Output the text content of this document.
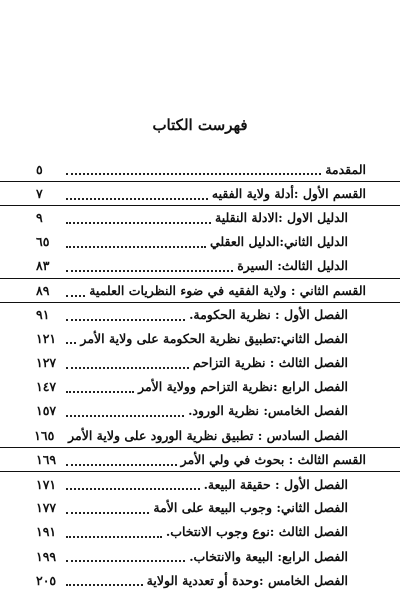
فهرست الكتاب
المقدمة
٥
القسم الأول :أدلة ولاية الفقيه
٧
الدليل الاول :الادلة النقلية
٩
الدليل الثاني:الدليل العقلي
٦٥
الدليل الثالث: السيرة
٨٣
القسم الثاني : ولاية الفقيه في ضوء النظريات العلمية
٨٩
الفصل الأول : نظرية الحكومة.
٩١
الفصل الثاني:تطبيق نظرية الحكومة على ولاية الأمر
١٢١
الفصل الثالث : نظرية التزاحم
١٢٧
الفصل الرابع :نظرية التزاحم وولاية الأمر
١٤٧
الفصل الخامس: نظرية الورود.
١٥٧
الفصل السادس : تطبيق نظرية الورود على ولاية الأمر
١٦٥
القسم الثالث : بحوث في ولي الأمر
١٦٩
الفصل الأول : حقيقة البيعة.
١٧١
الفصل الثاني: وجوب البيعة على الأمة
١٧٧
الفصل الثالث :نوع وجوب الانتخاب.
١٩١
الفصل الرابع: البيعة والانتخاب.
١٩٩
الفصل الخامس :وحدة أو تعددية الولاية
٢٠٥
